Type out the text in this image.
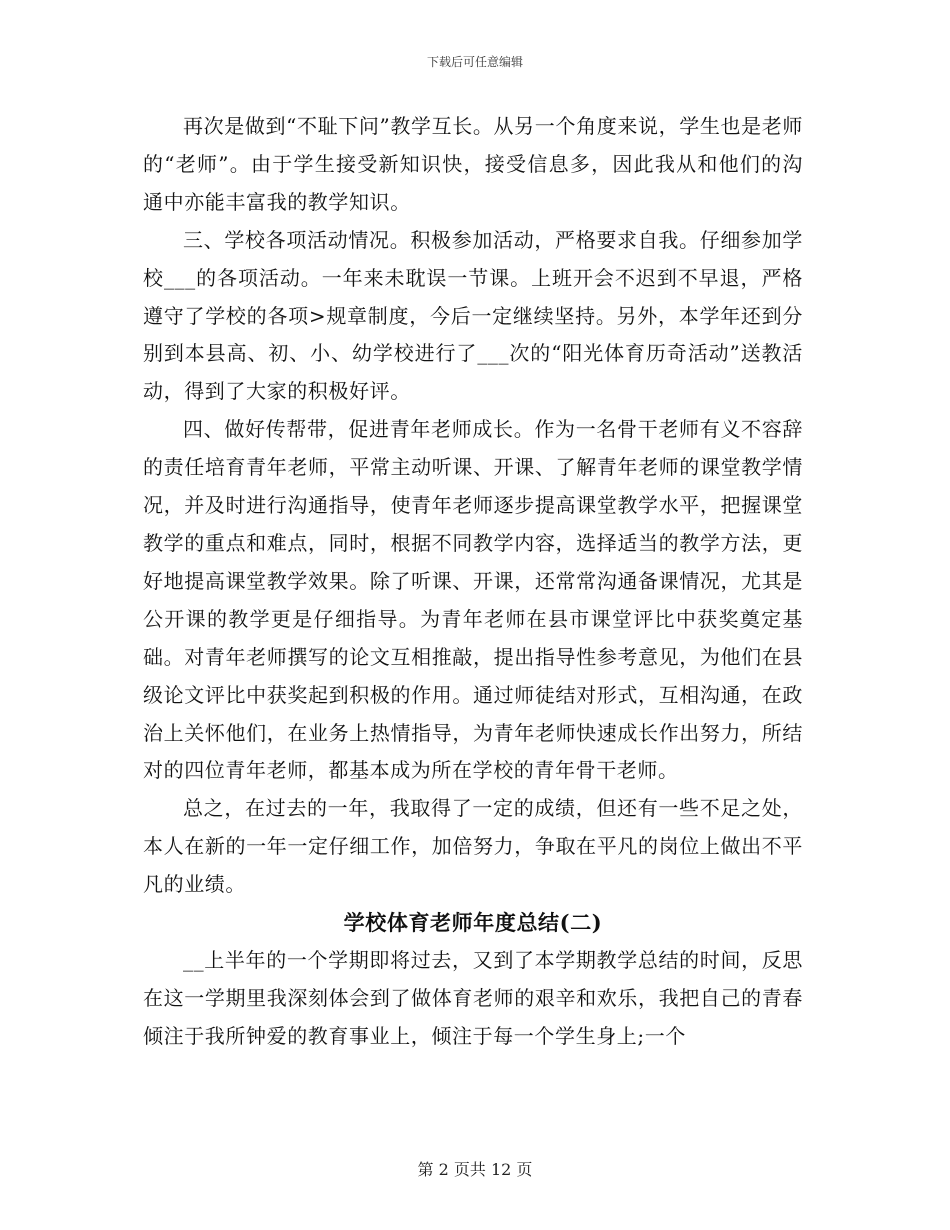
下载后可任意编辑

再次是做到“不耻下问”教学互长。从另一个角度来说，学生也是老师的“老师”。由于学生接受新知识快，接受信息多，因此我从和他们的沟通中亦能丰富我的教学知识。

三、学校各项活动情况。积极参加活动，严格要求自我。仔细参加学校___的各项活动。一年来未耽误一节课。上班开会不迟到不早退，严格遵守了学校的各项>规章制度，今后一定继续坚持。另外，本学年还到分别到本县高、初、小、幼学校进行了___次的“阳光体育历奇活动”送教活动，得到了大家的积极好评。

四、做好传帮带，促进青年老师成长。作为一名骨干老师有义不容辞的责任培育青年老师，平常主动听课、开课、了解青年老师的课堂教学情况，并及时进行沟通指导，使青年老师逐步提高课堂教学水平，把握课堂教学的重点和难点，同时，根据不同教学内容，选择适当的教学方法，更好地提高课堂教学效果。除了听课、开课，还常常沟通备课情况，尤其是公开课的教学更是仔细指导。为青年老师在县市课堂评比中获奖奠定基础。对青年老师撰写的论文互相推敲，提出指导性参考意见，为他们在县级论文评比中获奖起到积极的作用。通过师徒结对形式，互相沟通，在政治上关怀他们，在业务上热情指导，为青年老师快速成长作出努力，所结对的四位青年老师，都基本成为所在学校的青年骨干老师。

总之，在过去的一年，我取得了一定的成绩，但还有一些不足之处，本人在新的一年一定仔细工作，加倍努力，争取在平凡的岗位上做出不平凡的业绩。

学校体育老师年度总结(二)

__上半年的一个学期即将过去，又到了本学期教学总结的时间，反思在这一学期里我深刻体会到了做体育老师的艰辛和欢乐，我把自己的青春倾注于我所钟爱的教育事业上，倾注于每一个学生身上;一个

第 2 页共 12 页
